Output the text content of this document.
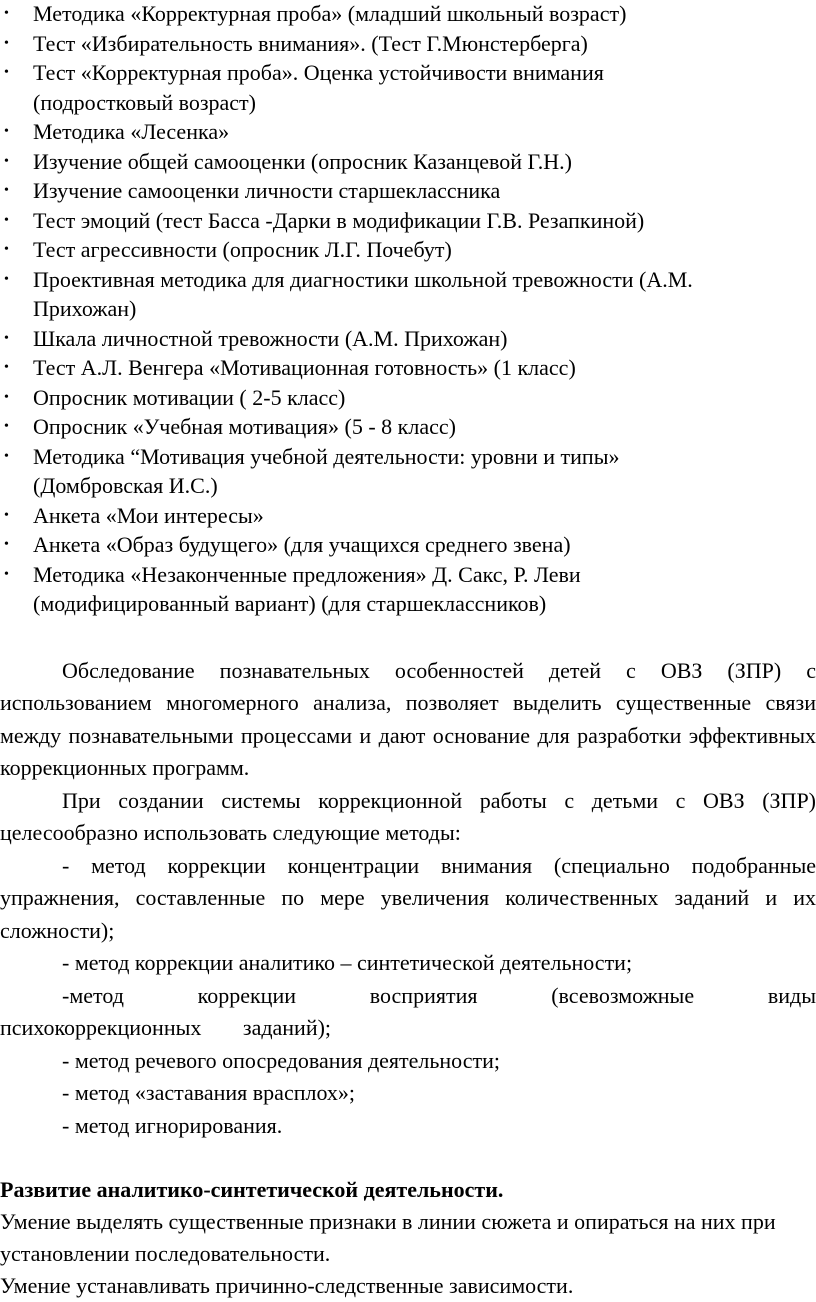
• Методика «Корректурная проба» (младший школьный возраст)
• Тест «Избирательность внимания». (Тест Г.Мюнстерберга)
• Тест «Корректурная проба». Оценка устойчивости внимания (подростковый возраст)
• Методика «Лесенка»
• Изучение общей самооценки (опросник Казанцевой Г.Н.)
• Изучение самооценки личности старшеклассника
• Тест эмоций (тест Басса -Дарки в модификации Г.В. Резапкиной)
• Тест агрессивности (опросник Л.Г. Почебут)
• Проективная методика для диагностики школьной тревожности (А.М. Прихожан)
• Шкала личностной тревожности (А.М. Прихожан)
• Тест А.Л. Венгера «Мотивационная готовность» (1 класс)
• Опросник мотивации ( 2-5 класс)
• Опросник «Учебная мотивация» (5 - 8 класс)
• Методика “Мотивация учебной деятельности: уровни и типы» (Домбровская И.С.)
• Анкета «Мои интересы»
• Анкета «Образ будущего» (для учащихся среднего звена)
• Методика «Незаконченные предложения» Д. Сакс, Р. Леви (модифицированный вариант) (для старшеклассников)

Обследование познавательных особенностей детей с ОВЗ (ЗПР) с использованием многомерного анализа, позволяет выделить существенные связи между познавательными процессами и дают основание для разработки эффективных коррекционных программ.

При создании системы коррекционной работы с детьми с ОВЗ (ЗПР) целесообразно использовать следующие методы:

- метод коррекции концентрации внимания (специально подобранные упражнения, составленные по мере увеличения количественных заданий и их сложности);

- метод коррекции аналитико – синтетической деятельности;

-метод коррекции восприятия (всевозможные виды психокоррекционных заданий);

- метод речевого опосредования деятельности;

- метод «заставания врасплох»;

- метод игнорирования.

Развитие аналитико-синтетической деятельности.

Умение выделять существенные признаки в линии сюжета и опираться на них при установлении последовательности.

Умение устанавливать причинно-следственные зависимости.
